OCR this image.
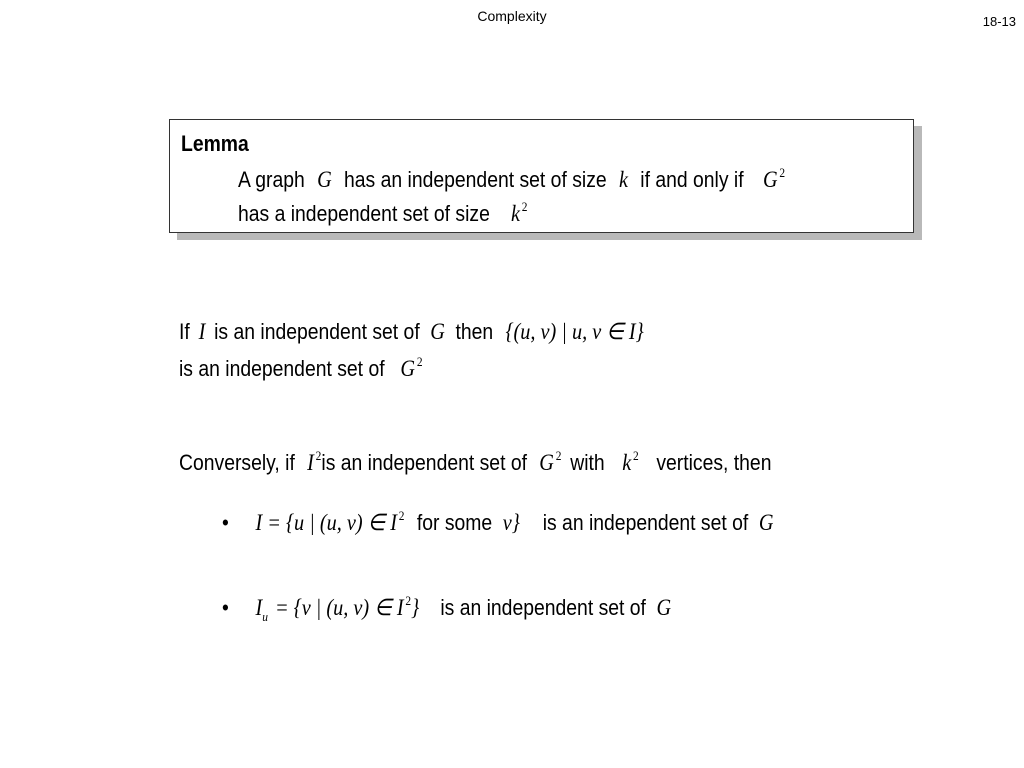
Complexity	18-13
Lemma
A graph G has an independent set of size k if and only if G $^2$
has a independent set of size k $^2$
If I is an independent set of G then {(u, v) | u, v ∈ I}
is an independent set of G $^2$
Conversely, if I $^2$is an independent set of G $^2$ with k $^2$ vertices, then
• I = {u | (u, v) ∈ I $^2$ for some v} is an independent set of G
• $I_u = \{v$ | (u, v) ∈ I $^2$} is an independent set of G
